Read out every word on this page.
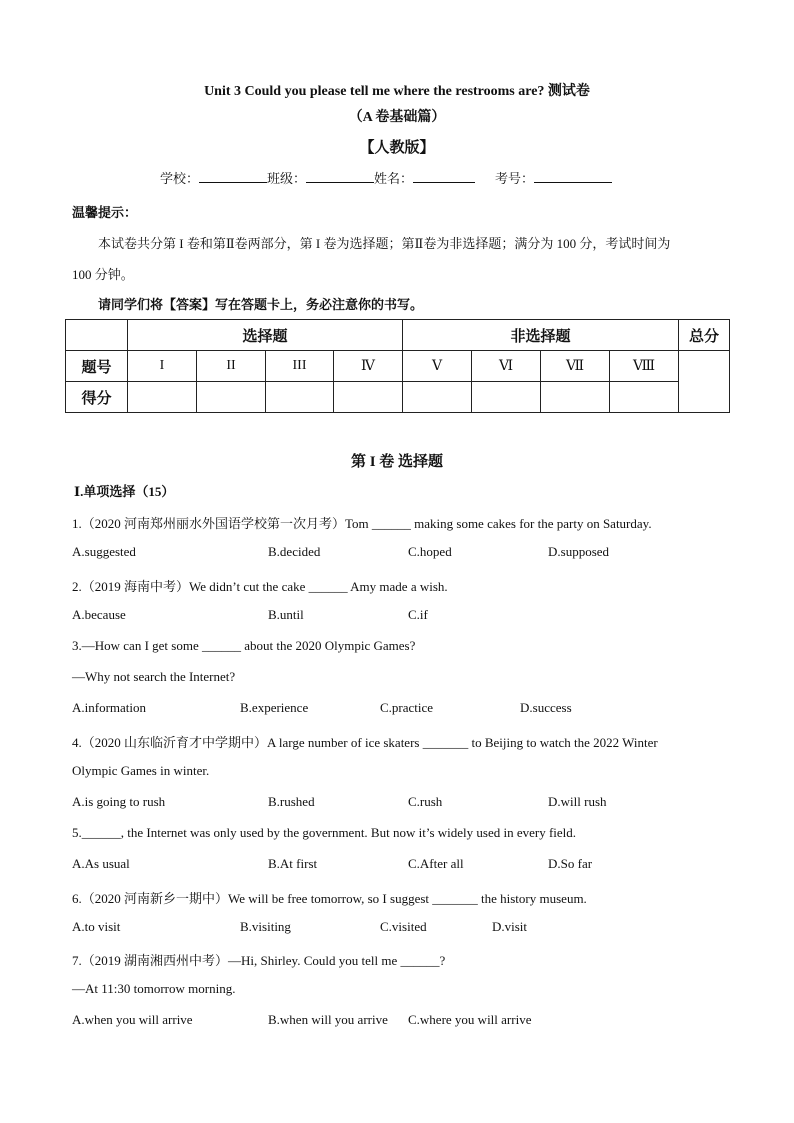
Unit 3 Could you please tell me where the restrooms are? 测试卷
（A 卷基础篇）
【人教版】
学校：	班级：	姓名：	考号：
温馨提示：
本试卷共分第 I 卷和第Ⅱ卷两部分，第 I 卷为选择题；第Ⅱ卷为非选择题；满分为 100 分，考试时间为
100 分钟。
请同学们将【答案】写在答题卡上，务必注意你的书写。
	选择题				非选择题				总分
题号	I	II	III	Ⅳ	Ⅴ	Ⅵ	Ⅶ	Ⅷ	
得分									
第 I 卷 选择题
Ⅰ.单项选择（15）
1.（2020 河南郑州丽水外国语学校第一次月考）Tom ______ making some cakes for the party on Saturday.
A.suggested	B.decided	C.hoped	D.supposed
2.（2019 海南中考）We didn’t cut the cake ______ Amy made a wish.
A.because	B.until	C.if
3.—How can I get some ______ about the 2020 Olympic Games?
—Why not search the Internet?
A.information	B.experience	C.practice	D.success
4.（2020 山东临沂育才中学期中）A large number of ice skaters _______ to Beijing to watch the 2022 Winter
Olympic Games in winter.
A.is going to rush	B.rushed	C.rush	D.will rush
5.______, the Internet was only used by the government. But now it’s widely used in every field.
A.As usual	B.At first	C.After all	D.So far
6.（2020 河南新乡一期中）We will be free tomorrow, so I suggest _______ the history museum.
A.to visit	B.visiting	C.visited	D.visit
7.（2019 湖南湘西州中考）—Hi, Shirley. Could you tell me ______?
—At 11:30 tomorrow morning.
A.when you will arrive	B.when will you arrive C.where you will arrive
